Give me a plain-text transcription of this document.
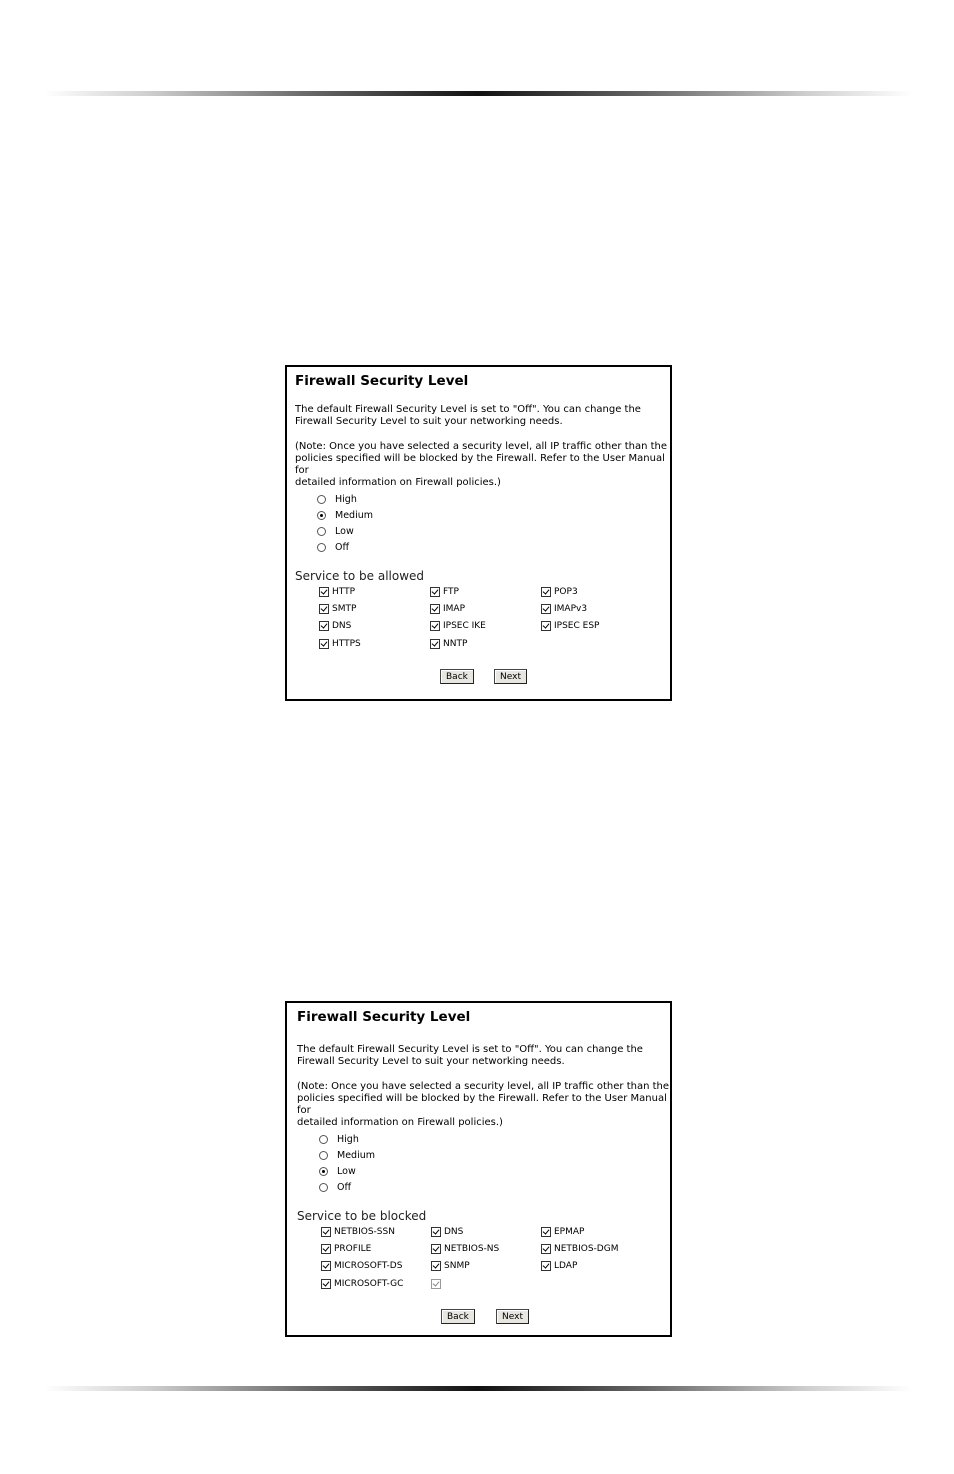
Firewall Security Level
The default Firewall Security Level is set to "Off". You can change the
Firewall Security Level to suit your networking needs.
(Note: Once you have selected a security level, all IP traffic other than the
policies specified will be blocked by the Firewall. Refer to the User Manual for
detailed information on Firewall policies.)
High
Medium
Low
Off
Service to be allowed
HTTP	FTP	POP3
SMTP	IMAP	IMAPv3
DNS	IPSEC IKE	IPSEC ESP
HTTPS	NNTP
Back	Next
Firewall Security Level
The default Firewall Security Level is set to "Off". You can change the
Firewall Security Level to suit your networking needs.
(Note: Once you have selected a security level, all IP traffic other than the
policies specified will be blocked by the Firewall. Refer to the User Manual for
detailed information on Firewall policies.)
High
Medium
Low
Off
Service to be blocked
NETBIOS-SSN	DNS	EPMAP
PROFILE	NETBIOS-NS	NETBIOS-DGM
MICROSOFT-DS	SNMP	LDAP
MICROSOFT-GC
Back	Next
